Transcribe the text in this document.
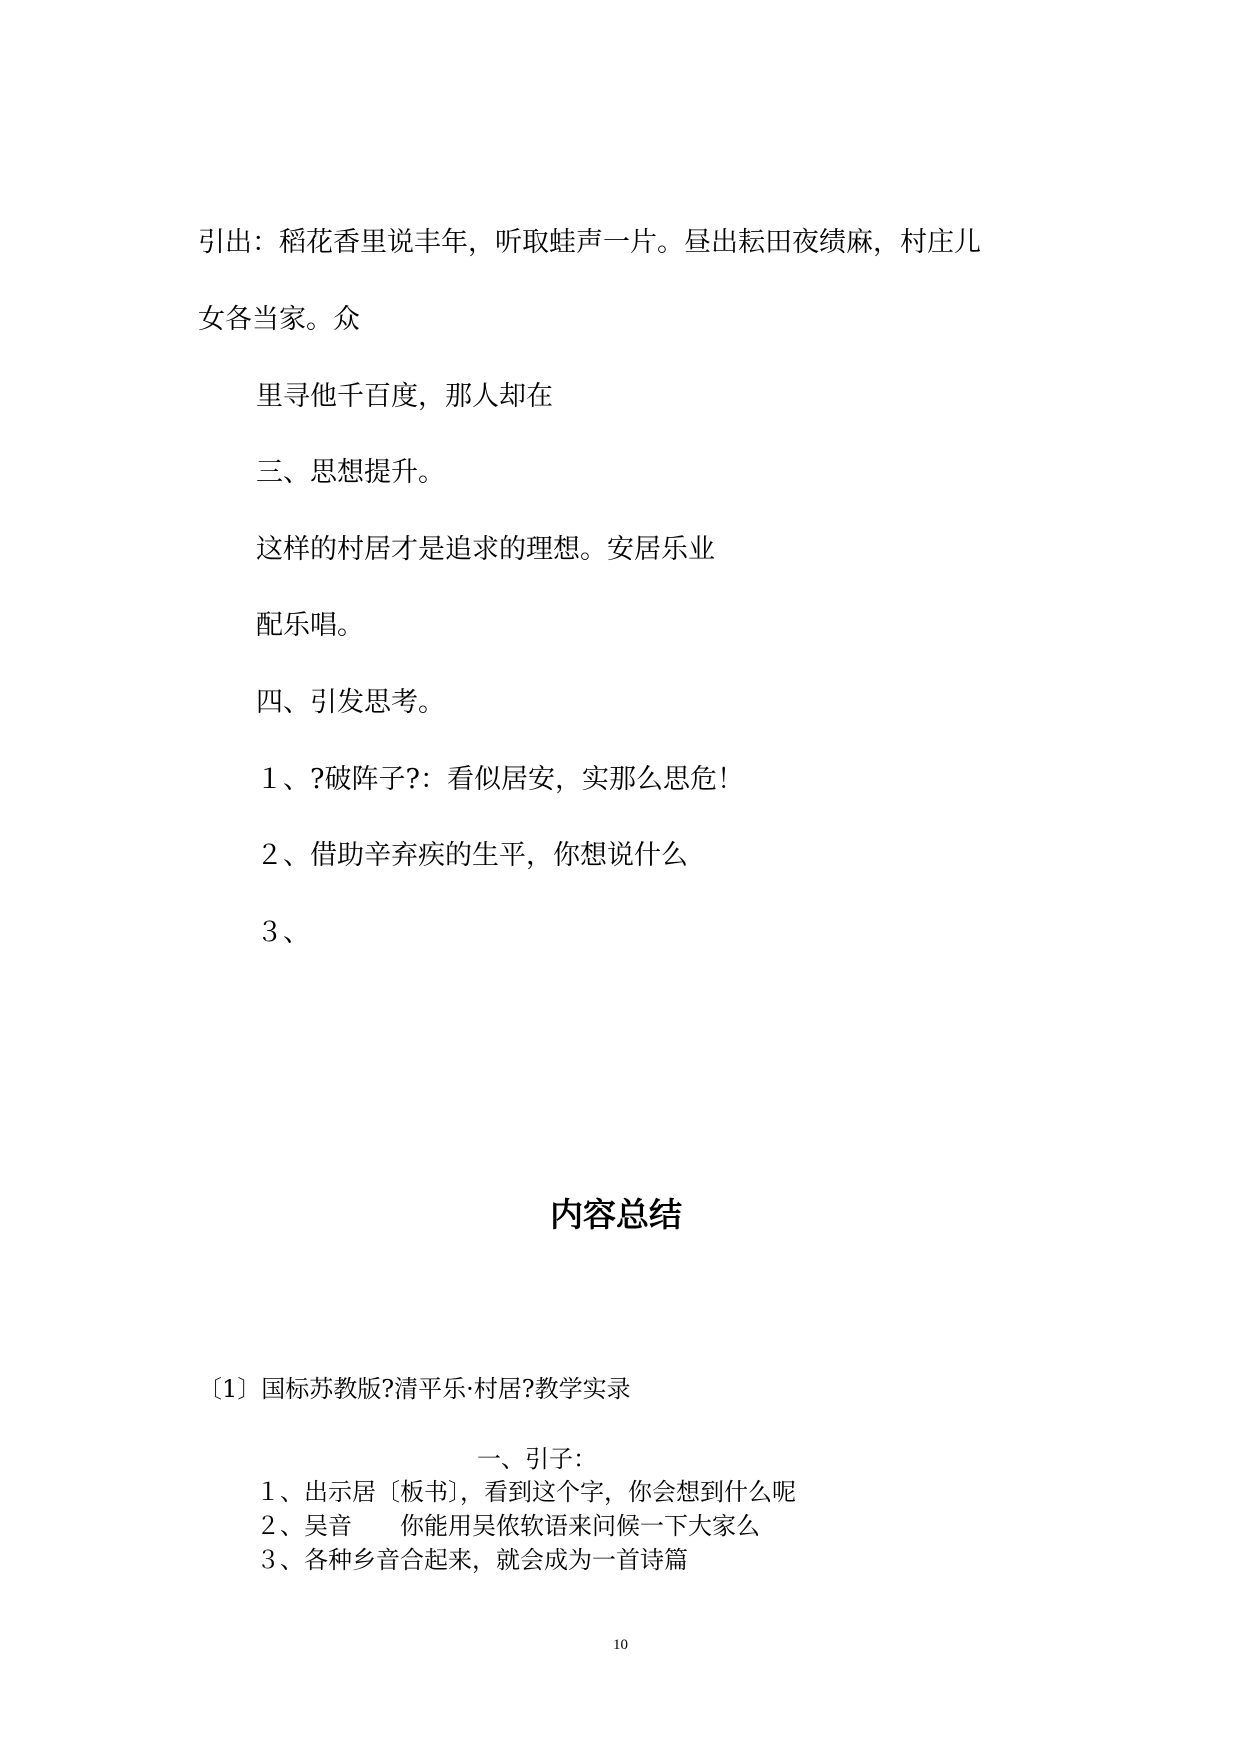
引出：稻花香里说丰年，听取蛙声一片。昼出耘田夜绩麻，村庄儿
女各当家。众
里寻他千百度，那人却在
三、思想提升。
这样的村居才是追求的理想。安居乐业
配乐唱。
四、引发思考。
１、?破阵子?：看似居安，实那么思危！
２、借助辛弃疾的生平，你想说什么
３、
内容总结
〔1〕国标苏教版?清平乐·村居?教学实录
一、引子：
１、出示居〔板书〕，看到这个字，你会想到什么呢
２、吴音　　你能用吴侬软语来问候一下大家么
３、各种乡音合起来，就会成为一首诗篇
10
